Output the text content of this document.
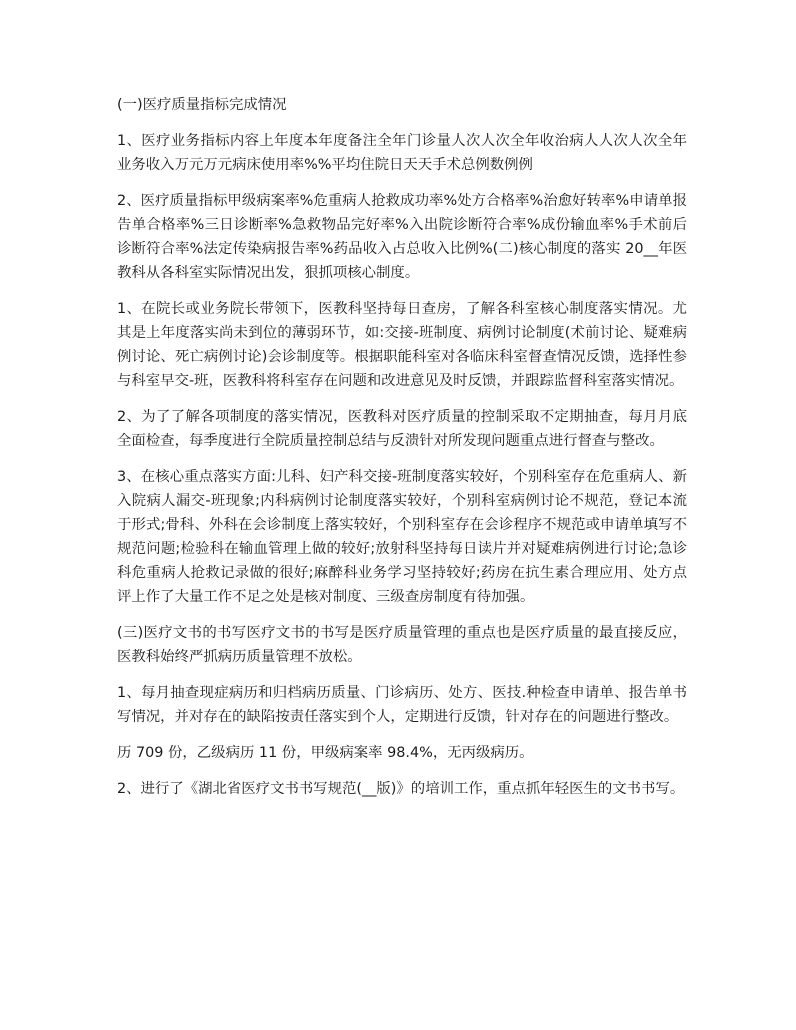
(一)医疗质量指标完成情况

1、医疗业务指标内容上年度本年度备注全年门诊量人次人次全年收治病人人次人次全年业务收入万元万元病床使用率%%平均住院日天天手术总例数例例

2、医疗质量指标甲级病案率%危重病人抢救成功率%处方合格率%治愈好转率%申请单报告单合格率%三日诊断率%急救物品完好率%入出院诊断符合率%成份输血率%手术前后诊断符合率%法定传染病报告率%药品收入占总收入比例%(二)核心制度的落实 20__年医教科从各科室实际情况出发，狠抓项核心制度。

1、在院长或业务院长带领下，医教科坚持每日查房，了解各科室核心制度落实情况。尤其是上年度落实尚未到位的薄弱环节，如:交接-班制度、病例讨论制度(术前讨论、疑难病例讨论、死亡病例讨论)会诊制度等。根据职能科室对各临床科室督查情况反馈，选择性参与科室早交-班，医教科将科室存在问题和改进意见及时反馈，并跟踪监督科室落实情况。

2、为了了解各项制度的落实情况，医教科对医疗质量的控制采取不定期抽查，每月月底全面检查，每季度进行全院质量控制总结与反溃针对所发现问题重点进行督查与整改。

3、在核心重点落实方面:儿科、妇产科交接-班制度落实较好，个别科室存在危重病人、新入院病人漏交-班现象;内科病例讨论制度落实较好，个别科室病例讨论不规范，登记本流于形式;骨科、外科在会诊制度上落实较好，个别科室存在会诊程序不规范或申请单填写不规范问题;检验科在输血管理上做的较好;放射科坚持每日读片并对疑难病例进行讨论;急诊科危重病人抢救记录做的很好;麻醉科业务学习坚持较好;药房在抗生素合理应用、处方点评上作了大量工作不足之处是核对制度、三级查房制度有待加强。

(三)医疗文书的书写医疗文书的书写是医疗质量管理的重点也是医疗质量的最直接反应，医教科始终严抓病历质量管理不放松。

1、每月抽查现症病历和归档病历质量、门诊病历、处方、医技.种检查申请单、报告单书写情况，并对存在的缺陷按责任落实到个人，定期进行反馈，针对存在的问题进行整改。

历 709 份，乙级病历 11 份，甲级病案率 98.4%，无丙级病历。

2、进行了《湖北省医疗文书书写规范(__版)》的培训工作，重点抓年轻医生的文书书写。
